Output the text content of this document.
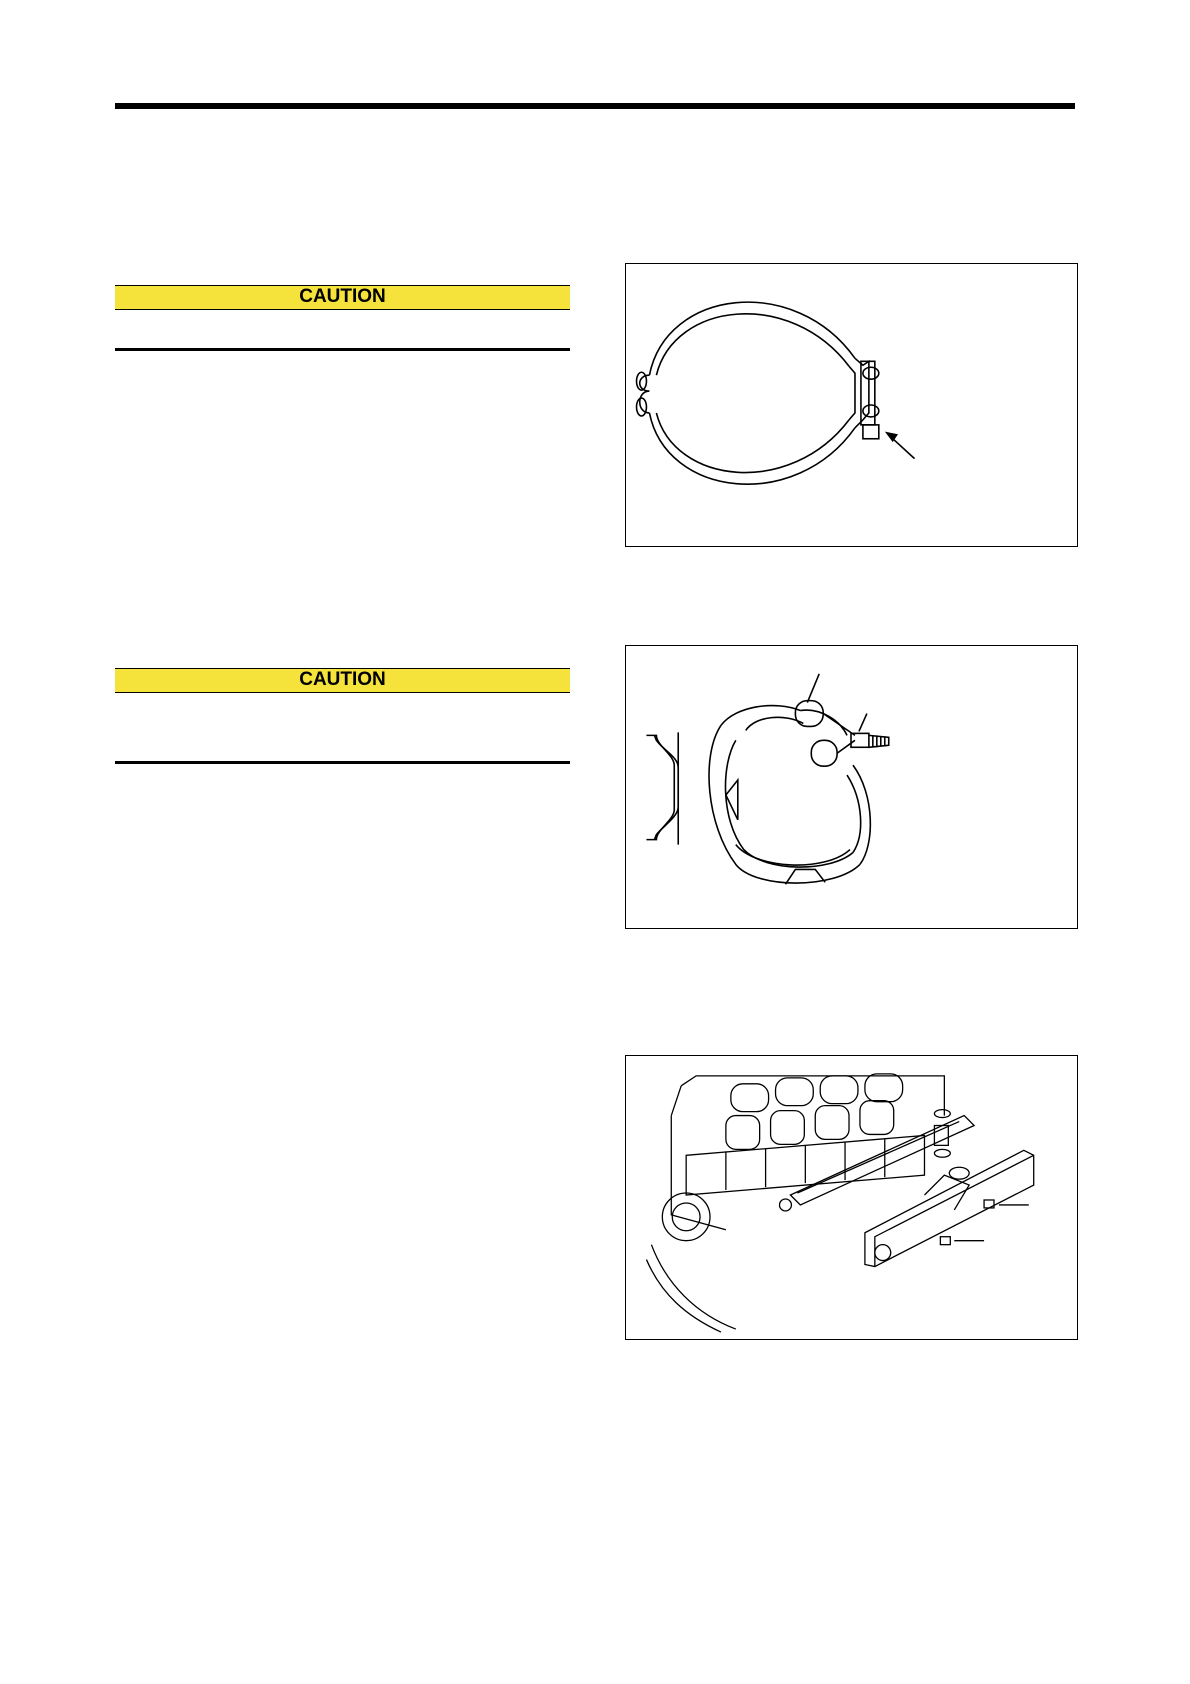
CAUTION
CAUTION
